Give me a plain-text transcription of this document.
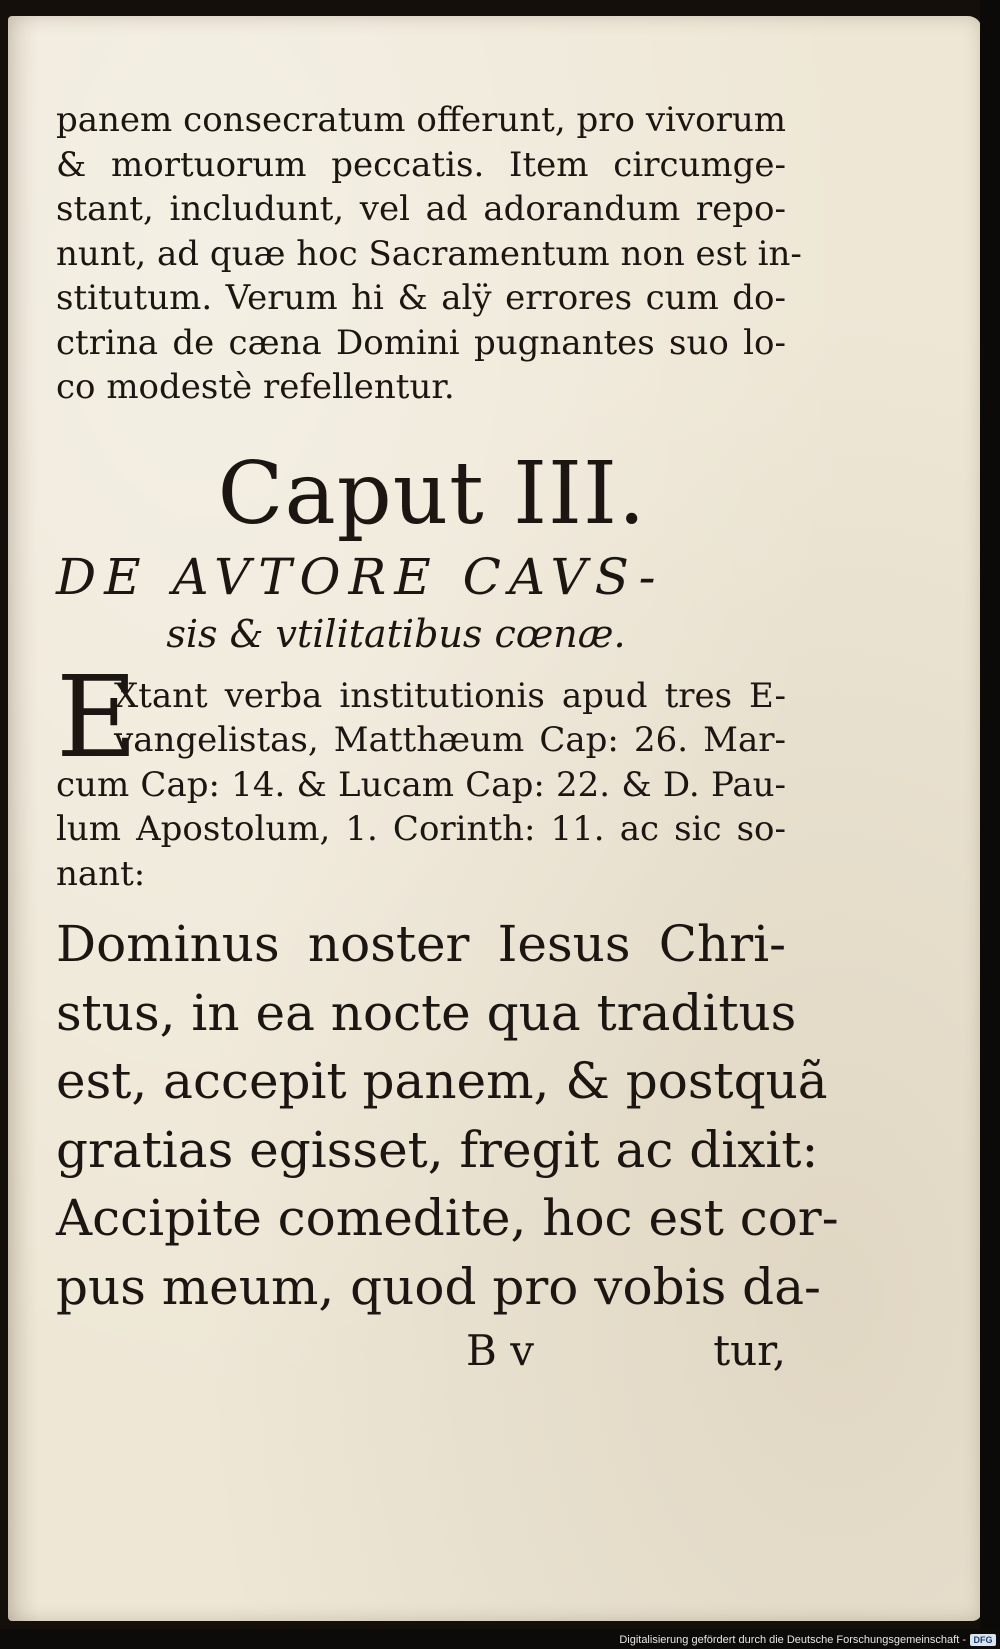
panem consecratum offerunt, pro vivorum
& mortuorum peccatis. Item circumge-
stant, includunt, vel ad adorandum repo-
nunt, ad quæ hoc Sacramentum non est in-
stitutum. Verum hi & alÿ errores cum do-
ctrina de cæna Domini pugnantes suo lo-
co modestè refellentur.
Caput III.
DE AVTORE CAVS-
sis & vtilitatibus cœnæ.
E
Xtant verba institutionis apud tres E-
vangelistas, Matthæum Cap: 26. Mar-
cum Cap: 14. & Lucam Cap: 22. & D. Pau-
lum Apostolum, 1. Corinth: 11. ac sic so-
nant:
Dominus noster Iesus Chri-
stus, in ea nocte qua traditus
est, accepit panem, & postquã
gratias egisset, fregit ac dixit:
Accipite comedite, hoc est cor-
pus meum, quod pro vobis da-
B v	tur,
Digitalisierung gefördert durch die Deutsche Forschungsgemeinschaft - DFG
